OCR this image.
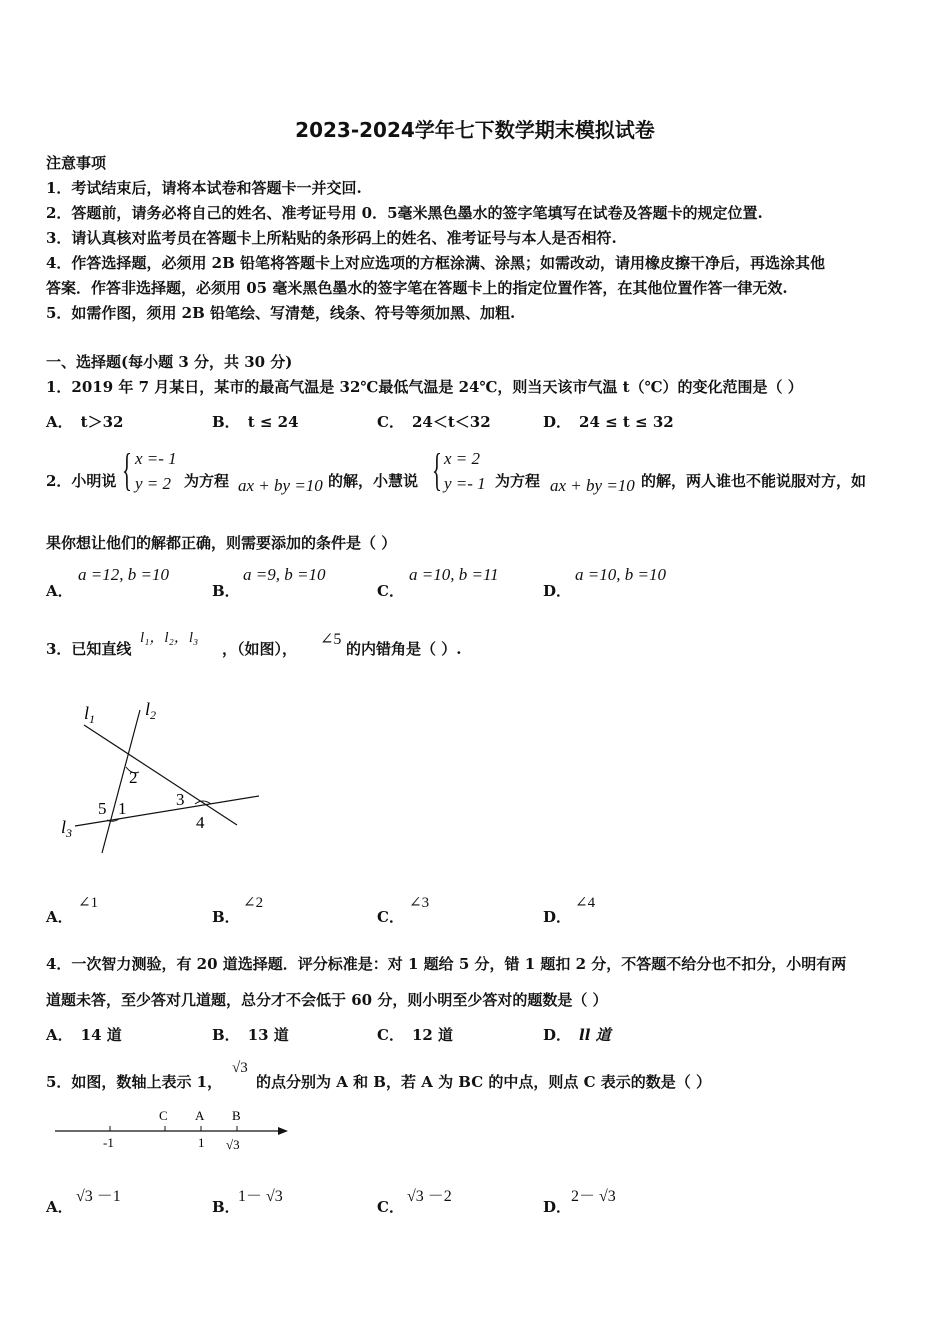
2023-2024学年七下数学期末模拟试卷
注意事项
1．考试结束后，请将本试卷和答题卡一并交回.
2．答题前，请务必将自己的姓名、准考证号用 0．5毫米黑色墨水的签字笔填写在试卷及答题卡的规定位置.
3．请认真核对监考员在答题卡上所粘贴的条形码上的姓名、准考证号与本人是否相符.
4．作答选择题，必须用 2B 铅笔将答题卡上对应选项的方框涂满、涂黑；如需改动，请用橡皮擦干净后，再选涂其他
答案．作答非选择题，必须用 05 毫米黑色墨水的签字笔在答题卡上的指定位置作答，在其他位置作答一律无效.
5．如需作图，须用 2B 铅笔绘、写清楚，线条、符号等须加黑、加粗.
一、选择题(每小题 3 分，共 30 分)
1．2019 年 7 月某日，某市的最高气温是 32℃最低气温是 24℃，则当天该市气温 t（℃）的变化范围是（ ）
A． t＞32	B． t ≤ 24	C． 24＜t＜32	D． 24 ≤ t ≤ 32
2．小明说 { x =- 1
y = 2 为方程 ax + by =10 的解，小慧说 { x = 2
y =- 1 为方程 ax + by =10 的解，两人谁也不能说服对方，如
果你想让他们的解都正确，则需要添加的条件是（ ）
A．
a =12, b =10
B．
a =9, b =10
C．
a =10, b =11
D．
a =10, b =10
3．已知直线
l₁，l₂，l₃
，（如图），
∠5
的内错角是（ ）.
$l_1$	$l_2$
$l_3$
2
5 1	3
4
A．
∠1
B．
∠2
C．
∠3
D．
∠4
4．一次智力测验，有 20 道选择题．评分标准是：对 1 题给 5 分，错 1 题扣 2 分，不答题不给分也不扣分，小明有两
道题未答，至少答对几道题，总分才不会低于 60 分，则小明至少答对的题数是（ ）
A． 14 道	B． 13 道	C． 12 道	D． ll 道
5．如图，数轴上表示 1，
√3
的点分别为 A 和 B，若 A 为 BC 的中点，则点 C 表示的数是（ ）
C A B
-1	1 √3
A．
√3 －1
B．
1－ √3
C．
√3 －2
D．
2－ √3
